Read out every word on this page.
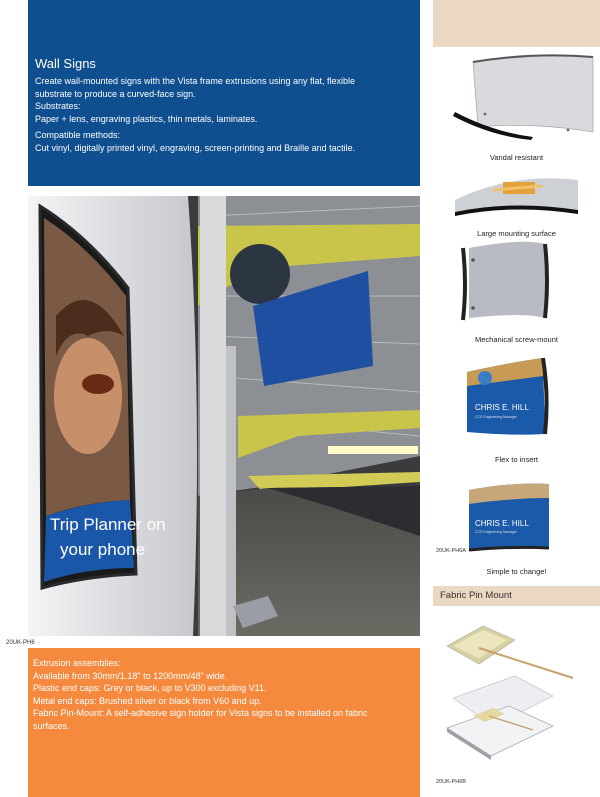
Wall Signs

Create wall-mounted signs with the Vista frame extrusions using any flat, flexible

substrate to produce a curved-face sign.

Substrates:

Paper + lens, engraving plastics, thin metals, laminates.

Compatible methods:

Cut vinyl, digitally printed vinyl, engraving, screen-printing and Braille and tactile.

Vandal resistant
Large mounting surface
Mechanical screw-mount
CHRIS E. HILL
CCS Engineering Manager
Flex to insert
CHRIS E. HILL
CCS Engineering Manager
Simple to change!
20UK-PH6A
Trip Planner on
your phone
20UK-PH6

Extrusion assemblies:

Available from 30mm/1.18" to 1200mm/48" wide.

Plastic end caps: Grey or black, up to V300 excluding V11.

Metal end caps: Brushed silver or black from V60 and up.

Fabric Pin-Mount: A self-adhesive sign holder for Vista signs to be installed on fabric

surfaces.

Fabric Pin Mount
20UK-PH6B
